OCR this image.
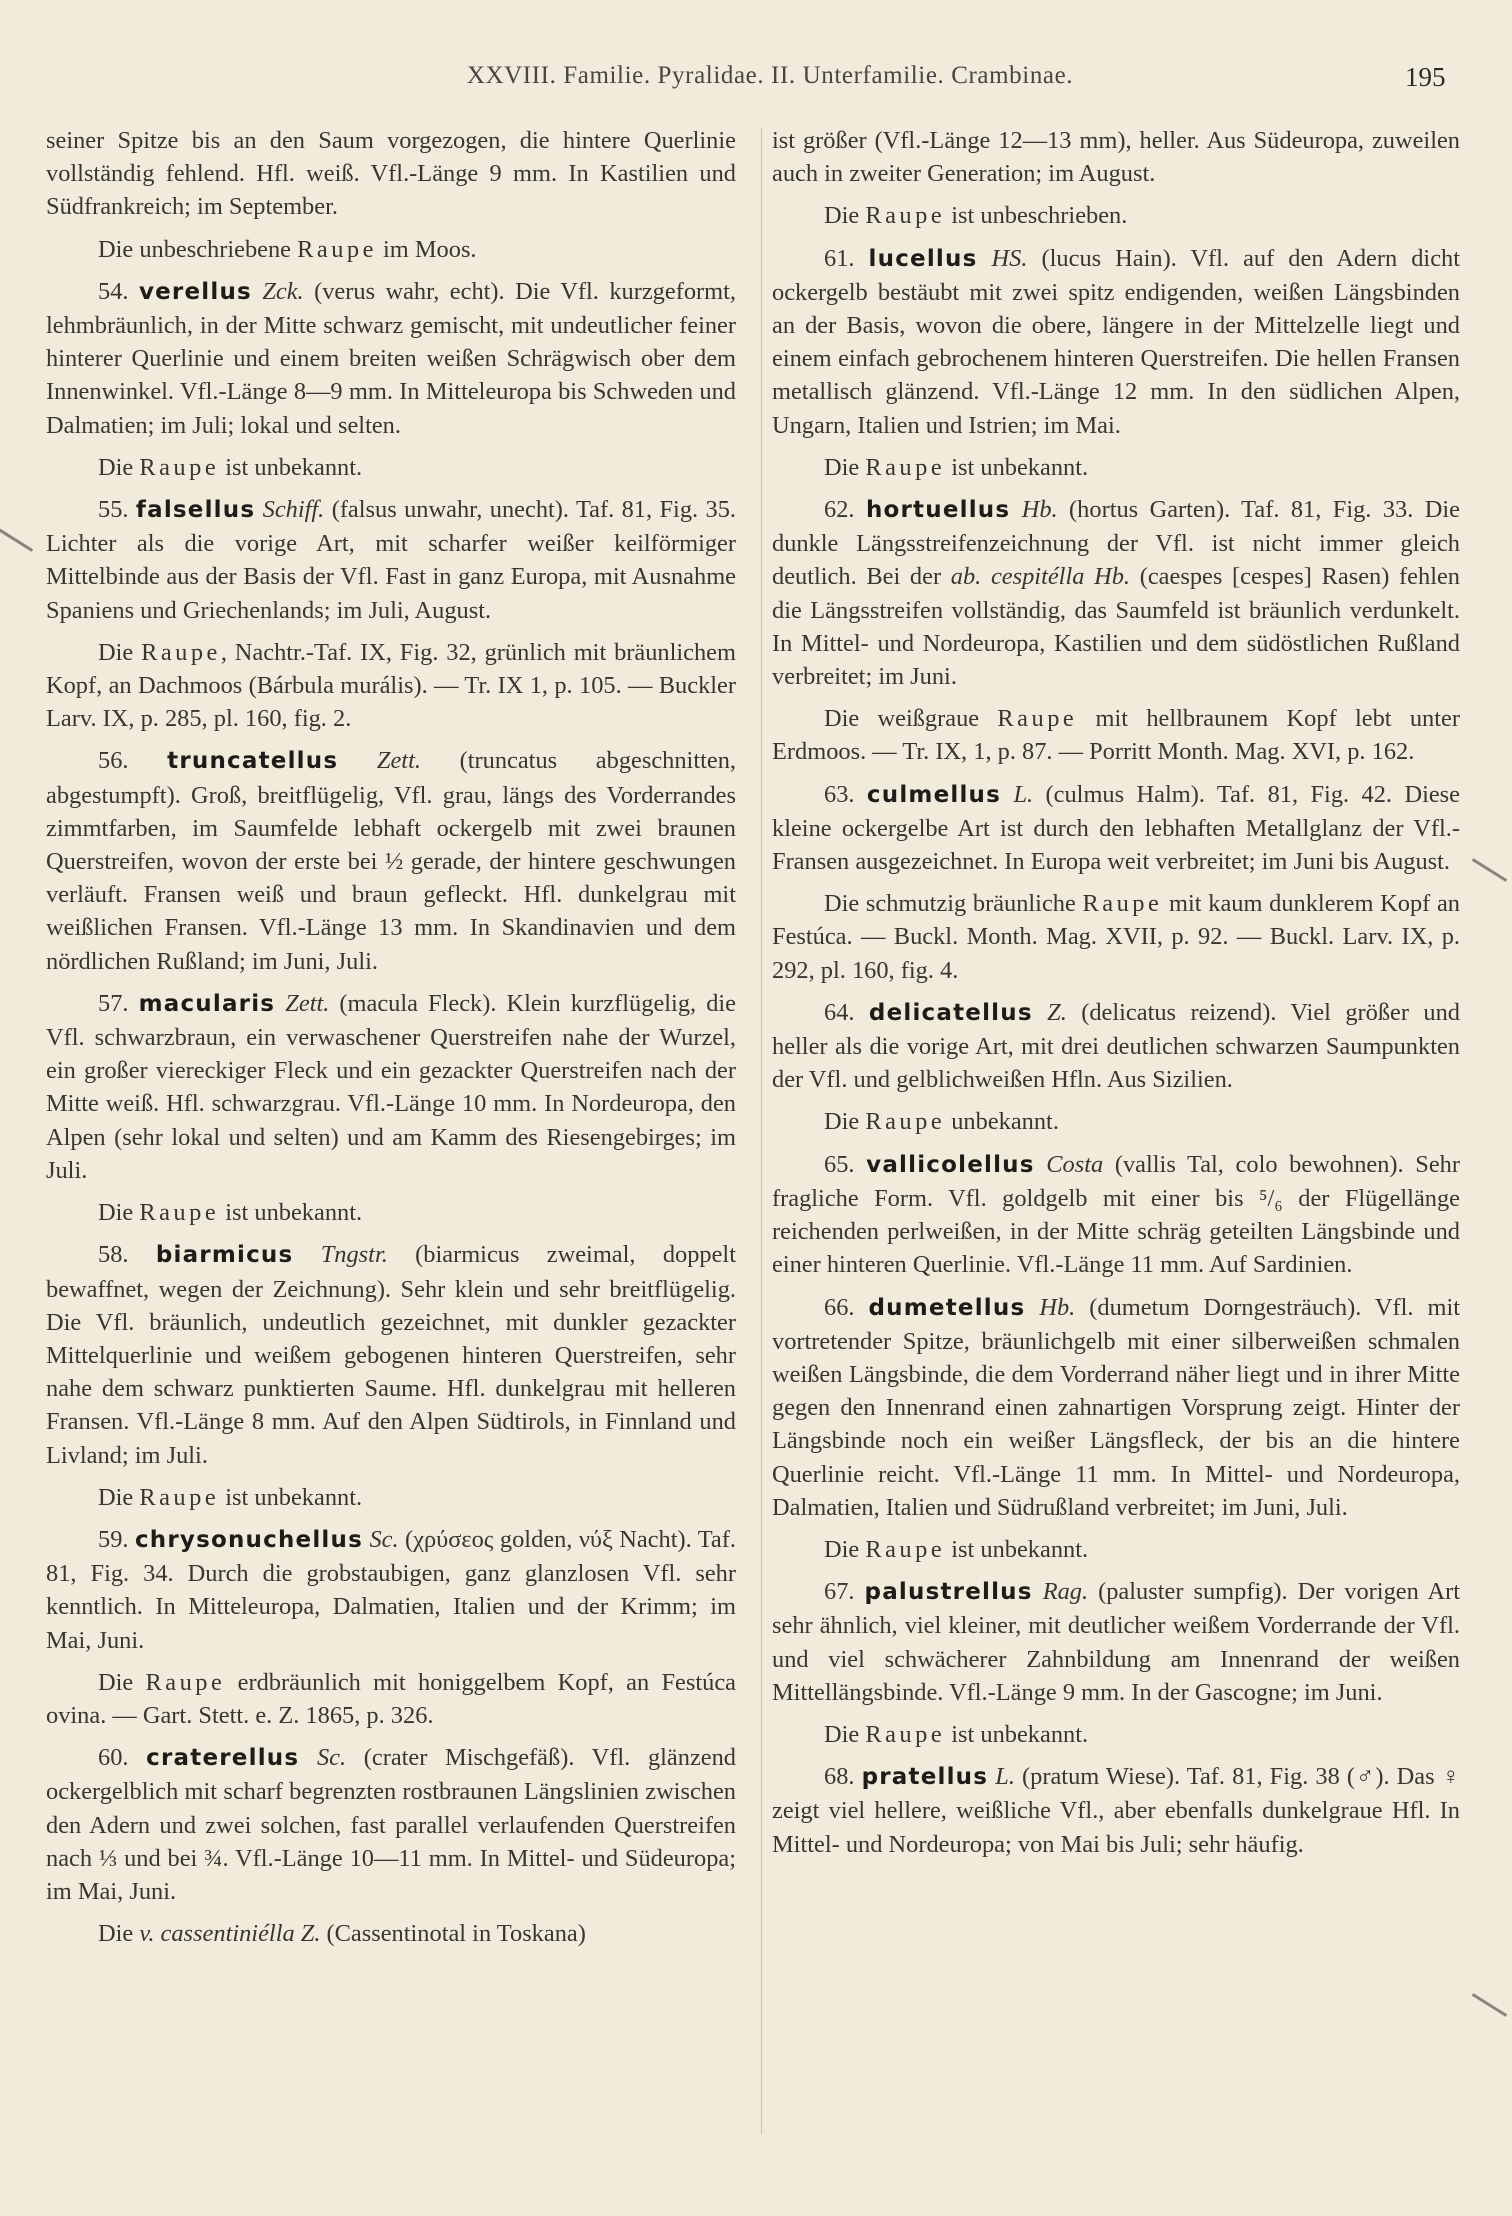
XXVIII. Familie. Pyralidae. II. Unterfamilie. Crambinae.	195

seiner Spitze bis an den Saum vorgezogen, die hintere Querlinie vollständig fehlend. Hfl. weiß. Vfl.-Länge 9 mm. In Kastilien und Südfrankreich; im September.

Die unbeschriebene Raupe im Moos.

54. verellus Zck. (verus wahr, echt). Die Vfl. kurzgeformt, lehmbräunlich, in der Mitte schwarz gemischt, mit undeutlicher feiner hinterer Querlinie und einem breiten weißen Schrägwisch ober dem Innenwinkel. Vfl.-Länge 8—9 mm. In Mitteleuropa bis Schweden und Dalmatien; im Juli; lokal und selten.

Die Raupe ist unbekannt.

55. falsellus Schiff. (falsus unwahr, unecht). Taf. 81, Fig. 35. Lichter als die vorige Art, mit scharfer weißer keilförmiger Mittelbinde aus der Basis der Vfl. Fast in ganz Europa, mit Ausnahme Spaniens und Griechenlands; im Juli, August.

Die Raupe, Nachtr.-Taf. IX, Fig. 32, grünlich mit bräunlichem Kopf, an Dachmoos (Bárbula murális). — Tr. IX 1, p. 105. — Buckler Larv. IX, p. 285, pl. 160, fig. 2.

56. truncatellus Zett. (truncatus abgeschnitten, abgestumpft). Groß, breitflügelig, Vfl. grau, längs des Vorderrandes zimmtfarben, im Saumfelde lebhaft ockergelb mit zwei braunen Querstreifen, wovon der erste bei ½ gerade, der hintere geschwungen verläuft. Fransen weiß und braun gefleckt. Hfl. dunkelgrau mit weißlichen Fransen. Vfl.-Länge 13 mm. In Skandinavien und dem nördlichen Rußland; im Juni, Juli.

57. macularis Zett. (macula Fleck). Klein kurzflügelig, die Vfl. schwarzbraun, ein verwaschener Querstreifen nahe der Wurzel, ein großer viereckiger Fleck und ein gezackter Querstreifen nach der Mitte weiß. Hfl. schwarzgrau. Vfl.-Länge 10 mm. In Nordeuropa, den Alpen (sehr lokal und selten) und am Kamm des Riesengebirges; im Juli.

Die Raupe ist unbekannt.

58. biarmicus Tngstr. (biarmicus zweimal, doppelt bewaffnet, wegen der Zeichnung). Sehr klein und sehr breitflügelig. Die Vfl. bräunlich, undeutlich gezeichnet, mit dunkler gezackter Mittelquerlinie und weißem gebogenen hinteren Querstreifen, sehr nahe dem schwarz punktierten Saume. Hfl. dunkelgrau mit helleren Fransen. Vfl.-Länge 8 mm. Auf den Alpen Südtirols, in Finnland und Livland; im Juli.

Die Raupe ist unbekannt.

59. chrysonuchellus Sc. (χρύσεος golden, νύξ Nacht). Taf. 81, Fig. 34. Durch die grobstaubigen, ganz glanzlosen Vfl. sehr kenntlich. In Mitteleuropa, Dalmatien, Italien und der Krimm; im Mai, Juni.

Die Raupe erdbräunlich mit honiggelbem Kopf, an Festúca ovina. — Gart. Stett. e. Z. 1865, p. 326.

60. craterellus Sc. (crater Mischgefäß). Vfl. glänzend ockergelblich mit scharf begrenzten rostbraunen Längslinien zwischen den Adern und zwei solchen, fast parallel verlaufenden Querstreifen nach ⅓ und bei ¾. Vfl.-Länge 10—11 mm. In Mittel- und Südeuropa; im Mai, Juni.

Die v. cassentiniélla Z. (Cassentinotal in Toskana)

ist größer (Vfl.-Länge 12—13 mm), heller. Aus Südeuropa, zuweilen auch in zweiter Generation; im August.

Die Raupe ist unbeschrieben.

61. lucellus HS. (lucus Hain). Vfl. auf den Adern dicht ockergelb bestäubt mit zwei spitz endigenden, weißen Längsbinden an der Basis, wovon die obere, längere in der Mittelzelle liegt und einem einfach gebrochenem hinteren Querstreifen. Die hellen Fransen metallisch glänzend. Vfl.-Länge 12 mm. In den südlichen Alpen, Ungarn, Italien und Istrien; im Mai.

Die Raupe ist unbekannt.

62. hortuellus Hb. (hortus Garten). Taf. 81, Fig. 33. Die dunkle Längsstreifenzeichnung der Vfl. ist nicht immer gleich deutlich. Bei der ab. cespitélla Hb. (caespes [cespes] Rasen) fehlen die Längsstreifen vollständig, das Saumfeld ist bräunlich verdunkelt. In Mittel- und Nordeuropa, Kastilien und dem südöstlichen Rußland verbreitet; im Juni.

Die weißgraue Raupe mit hellbraunem Kopf lebt unter Erdmoos. — Tr. IX, 1, p. 87. — Porritt Month. Mag. XVI, p. 162.

63. culmellus L. (culmus Halm). Taf. 81, Fig. 42. Diese kleine ockergelbe Art ist durch den lebhaften Metallglanz der Vfl.-Fransen ausgezeichnet. In Europa weit verbreitet; im Juni bis August.

Die schmutzig bräunliche Raupe mit kaum dunklerem Kopf an Festúca. — Buckl. Month. Mag. XVII, p. 92. — Buckl. Larv. IX, p. 292, pl. 160, fig. 4.

64. delicatellus Z. (delicatus reizend). Viel größer und heller als die vorige Art, mit drei deutlichen schwarzen Saumpunkten der Vfl. und gelblichweißen Hfln. Aus Sizilien.

Die Raupe unbekannt.

65. vallicolellus Costa (vallis Tal, colo bewohnen). Sehr fragliche Form. Vfl. goldgelb mit einer bis ⁵/₆ der Flügellänge reichenden perlweißen, in der Mitte schräg geteilten Längsbinde und einer hinteren Querlinie. Vfl.-Länge 11 mm. Auf Sardinien.

66. dumetellus Hb. (dumetum Dorngesträuch). Vfl. mit vortretender Spitze, bräunlichgelb mit einer silberweißen schmalen weißen Längsbinde, die dem Vorderrand näher liegt und in ihrer Mitte gegen den Innenrand einen zahnartigen Vorsprung zeigt. Hinter der Längsbinde noch ein weißer Längsfleck, der bis an die hintere Querlinie reicht. Vfl.-Länge 11 mm. In Mittel- und Nordeuropa, Dalmatien, Italien und Südrußland verbreitet; im Juni, Juli.

Die Raupe ist unbekannt.

67. palustrellus Rag. (paluster sumpfig). Der vorigen Art sehr ähnlich, viel kleiner, mit deutlicher weißem Vorderrande der Vfl. und viel schwächerer Zahnbildung am Innenrand der weißen Mittellängsbinde. Vfl.-Länge 9 mm. In der Gascogne; im Juni.

Die Raupe ist unbekannt.

68. pratellus L. (pratum Wiese). Taf. 81, Fig. 38 (♂). Das ♀ zeigt viel hellere, weißliche Vfl., aber ebenfalls dunkelgraue Hfl. In Mittel- und Nordeuropa; von Mai bis Juli; sehr häufig.
